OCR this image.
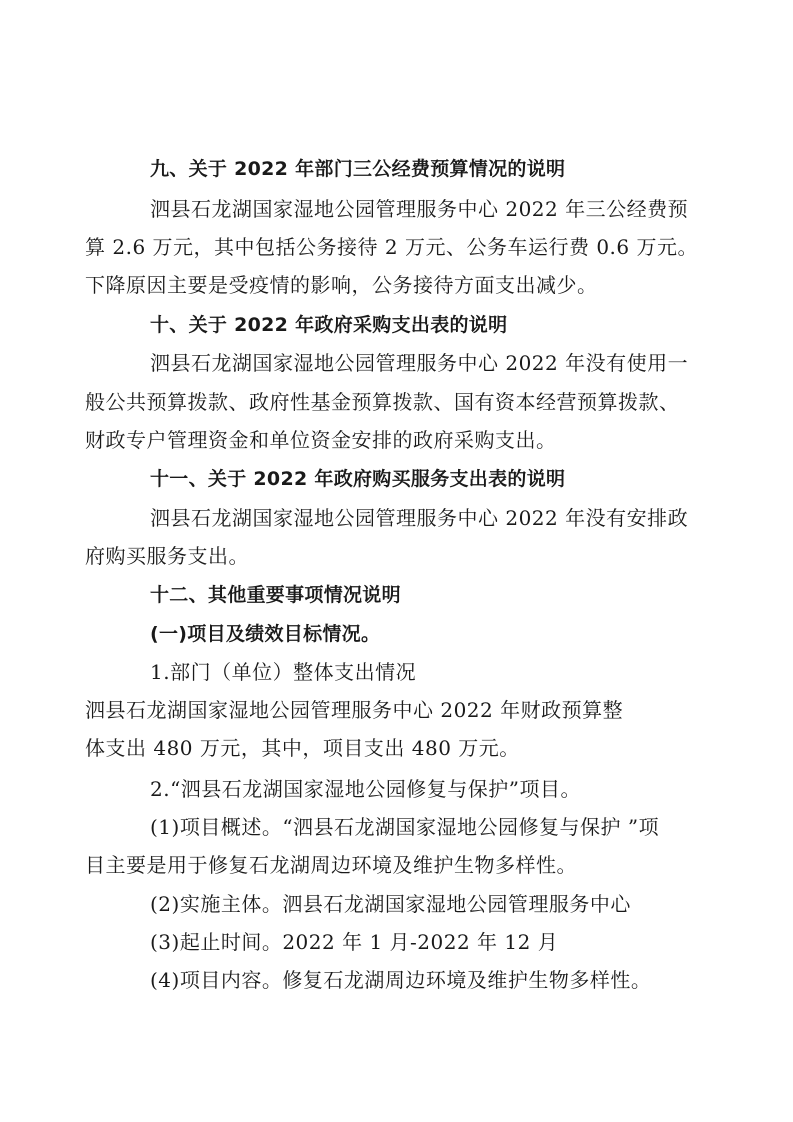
九、关于 2022 年部门三公经费预算情况的说明
泗县石龙湖国家湿地公园管理服务中心 2022 年三公经费预
算 2.6 万元，其中包括公务接待 2 万元、公务车运行费 0.6 万元。
下降原因主要是受疫情的影响，公务接待方面支出减少。
十、关于 2022 年政府采购支出表的说明
泗县石龙湖国家湿地公园管理服务中心 2022 年没有使用一
般公共预算拨款、政府性基金预算拨款、国有资本经营预算拨款、
财政专户管理资金和单位资金安排的政府采购支出。
十一、关于 2022 年政府购买服务支出表的说明
泗县石龙湖国家湿地公园管理服务中心 2022 年没有安排政
府购买服务支出。
十二、其他重要事项情况说明
(一)项目及绩效目标情况。
1.部门（单位）整体支出情况
泗县石龙湖国家湿地公园管理服务中心 2022 年财政预算整
体支出 480 万元，其中，项目支出 480 万元。
2.“泗县石龙湖国家湿地公园修复与保护”项目。
(1)项目概述。“泗县石龙湖国家湿地公园修复与保护 ”项
目主要是用于修复石龙湖周边环境及维护生物多样性。
(2)实施主体。泗县石龙湖国家湿地公园管理服务中心
(3)起止时间。2022 年 1 月-2022 年 12 月
(4)项目内容。修复石龙湖周边环境及维护生物多样性。
